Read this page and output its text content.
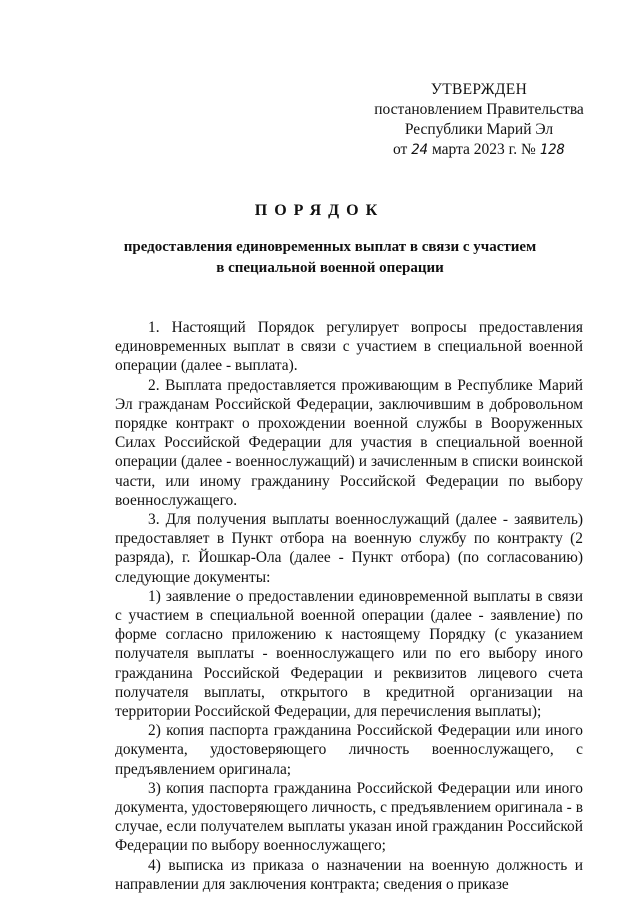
УТВЕРЖДЕН
постановлением Правительства
Республики Марий Эл
от 24 марта 2023 г. № 128
ПОРЯДОК
предоставления единовременных выплат в связи с участием
в специальной военной операции

1. Настоящий Порядок регулирует вопросы предоставления единовременных выплат в связи с участием в специальной военной операции (далее - выплата).

2. Выплата предоставляется проживающим в Республике Марий Эл гражданам Российской Федерации, заключившим в добровольном порядке контракт о прохождении военной службы в Вооруженных Силах Российской Федерации для участия в специальной военной операции (далее - военнослужащий) и зачисленным в списки воинской части, или иному гражданину Российской Федерации по выбору военнослужащего.

3. Для получения выплаты военнослужащий (далее - заявитель) предоставляет в Пункт отбора на военную службу по контракту (2 разряда), г. Йошкар-Ола (далее - Пункт отбора) (по согласованию) следующие документы:

1) заявление о предоставлении единовременной выплаты в связи с участием в специальной военной операции (далее - заявление) по форме согласно приложению к настоящему Порядку (с указанием получателя выплаты - военнослужащего или по его выбору иного гражданина Российской Федерации и реквизитов лицевого счета получателя выплаты, открытого в кредитной организации на территории Российской Федерации, для перечисления выплаты);

2) копия паспорта гражданина Российской Федерации или иного документа, удостоверяющего личность военнослужащего, с предъявлением оригинала;

3) копия паспорта гражданина Российской Федерации или иного документа, удостоверяющего личность, с предъявлением оригинала - в случае, если получателем выплаты указан иной гражданин Российской Федерации по выбору военнослужащего;

4) выписка из приказа о назначении на военную должность и направлении для заключения контракта; сведения о приказе
